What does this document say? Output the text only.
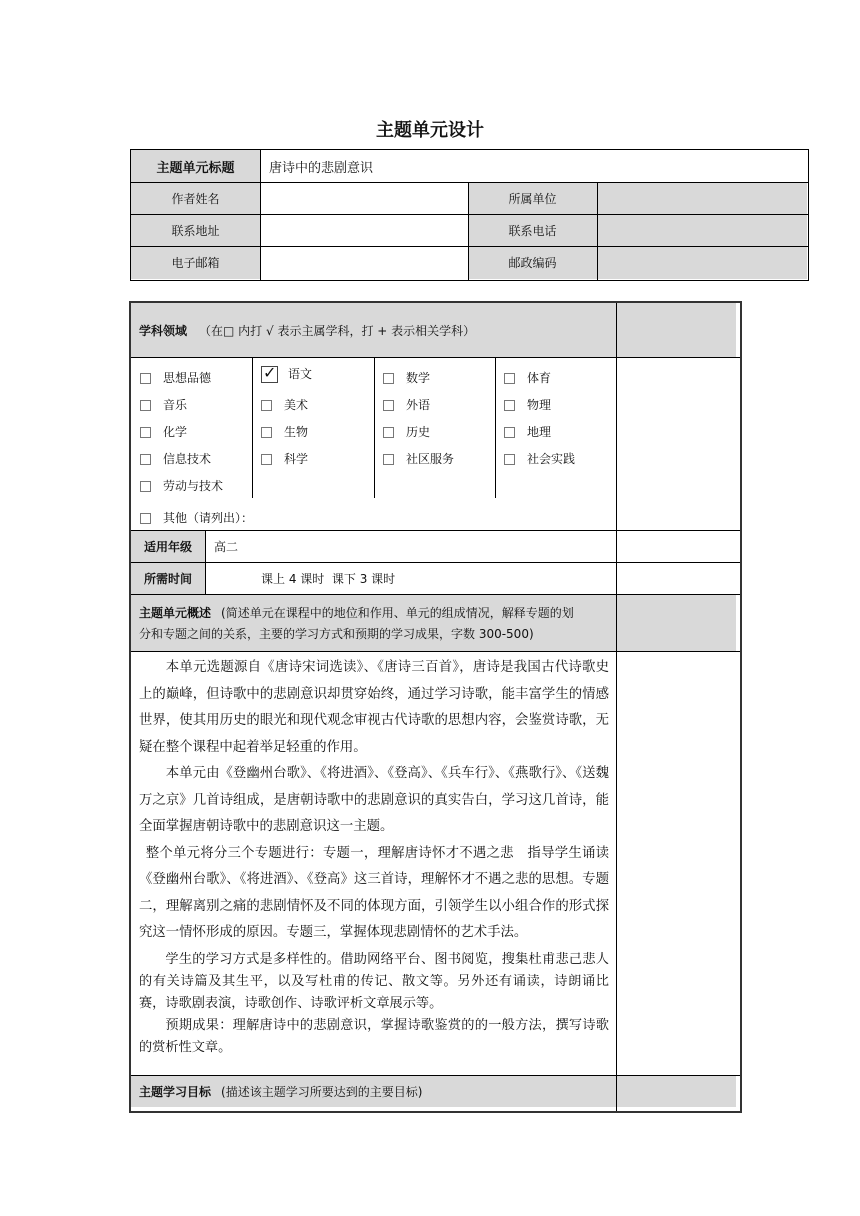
主题单元设计
主题单元标题	唐诗中的悲剧意识
作者姓名	所属单位
联系地址	联系电话
电子邮箱	邮政编码
学科领域 （在□ 内打 √ 表示主属学科，打 + 表示相关学科）
思想品德	✓ 语文	数学	体育
音乐	美术	外语	物理
化学	生物	历史	地理
信息技术	科学	社区服务	社会实践
劳动与技术
其他（请列出）：
适用年级	高二
所需时间	课上 4 课时  课下 3 课时
主题单元概述 (简述单元在课程中的地位和作用、单元的组成情况，解释专题的划
分和专题之间的关系，主要的学习方式和预期的学习成果，字数 300-500)
本单元选题源自《唐诗宋词选读》、《唐诗三百首》，唐诗是我国古代诗歌史上的巅峰，但诗歌中的悲剧意识却贯穿始终，通过学习诗歌，能丰富学生的情感世界，使其用历史的眼光和现代观念审视古代诗歌的思想内容，会鉴赏诗歌，无疑在整个课程中起着举足轻重的作用。
本单元由《登幽州台歌》、《将进酒》、《登高》、《兵车行》、《燕歌行》、《送魏万之京》几首诗组成，是唐朝诗歌中的悲剧意识的真实告白，学习这几首诗，能全面掌握唐朝诗歌中的悲剧意识这一主题。
整个单元将分三个专题进行：专题一，理解唐诗怀才不遇之悲　指导学生诵读《登幽州台歌》、《将进酒》、《登高》这三首诗，理解怀才不遇之悲的思想。专题二，理解离别之痛的悲剧情怀及不同的体现方面，引领学生以小组合作的形式探究这一情怀形成的原因。专题三，掌握体现悲剧情怀的艺术手法。
学生的学习方式是多样性的。借助网络平台、图书阅览，搜集杜甫悲己悲人的有关诗篇及其生平，以及写杜甫的传记、散文等。另外还有诵读，诗朗诵比赛，诗歌剧表演，诗歌创作、诗歌评析文章展示等。
预期成果：理解唐诗中的悲剧意识，掌握诗歌鉴赏的的一般方法，撰写诗歌的赏析性文章。
主题学习目标 (描述该主题学习所要达到的主要目标)
